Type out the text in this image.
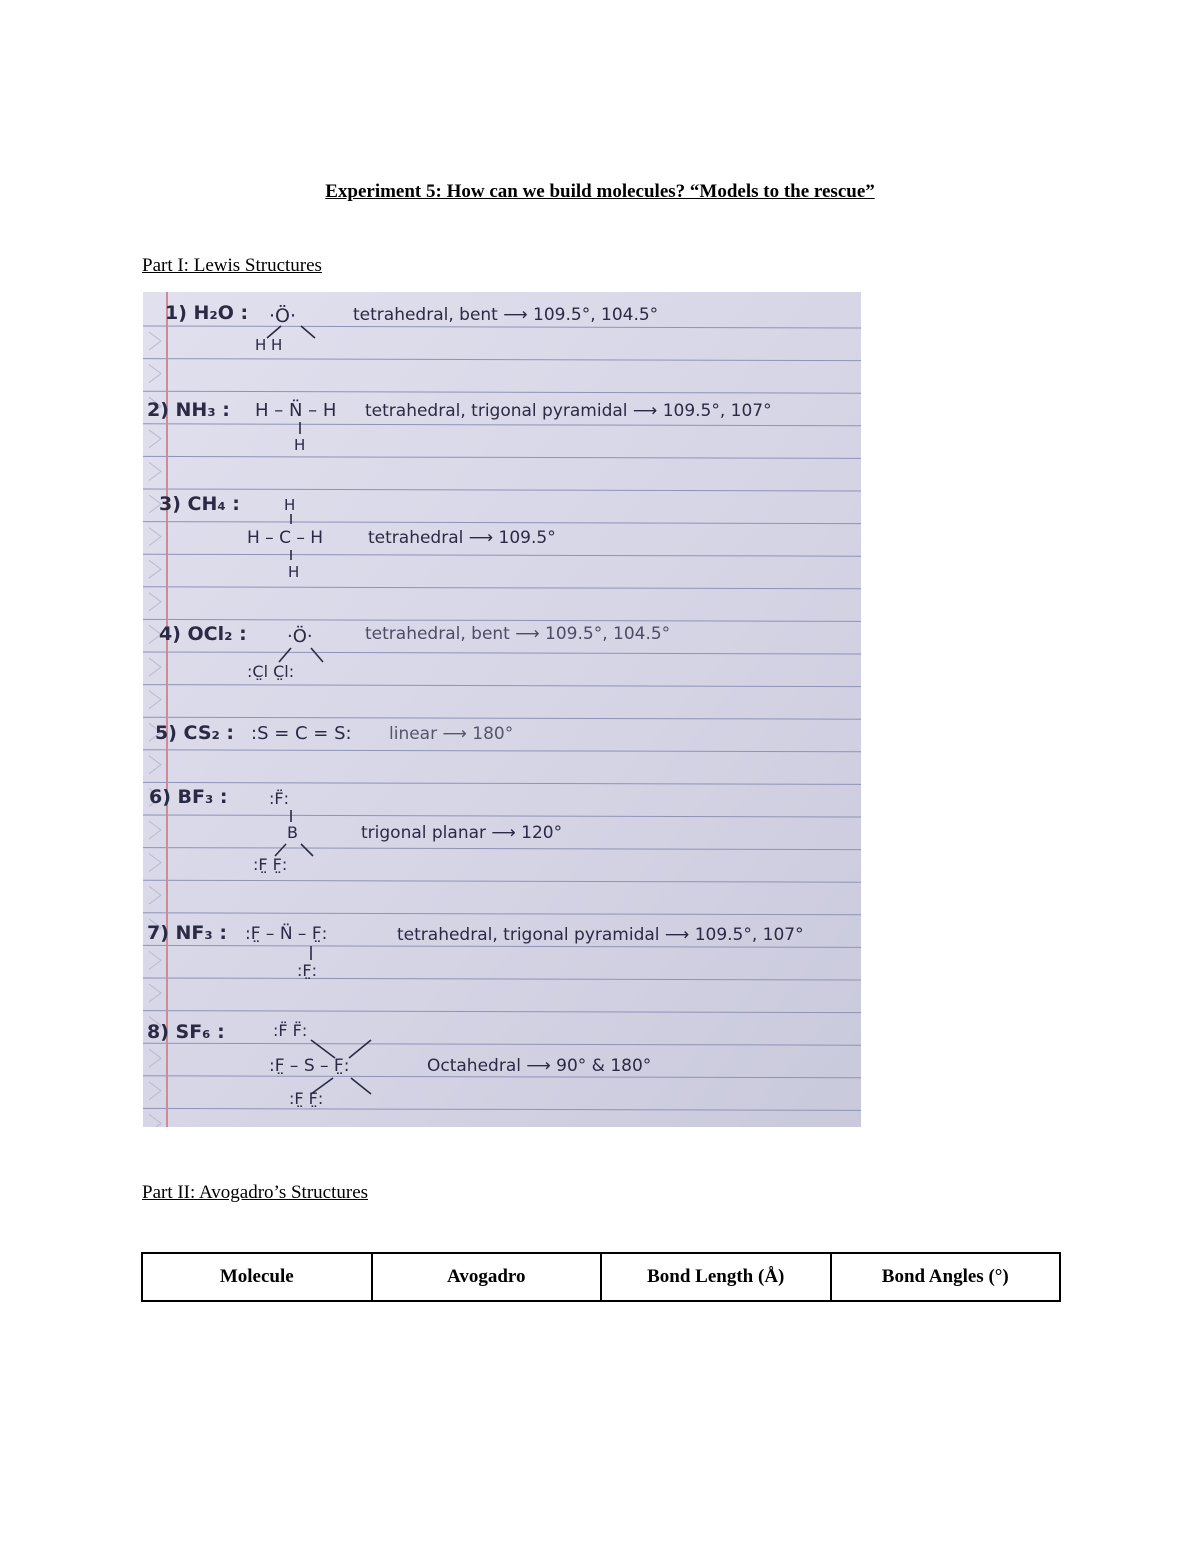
Experiment 5: How can we build molecules? “Models to the rescue”
Part I: Lewis Structures
1) H₂O : ·Ö·
H H
tetrahedral, bent ⟶ 109.5°, 104.5°
2) NH₃ : H – N̈ – H
H
tetrahedral, trigonal pyramidal ⟶ 109.5°, 107°
3) CH₄ :	H
H – C – H
H
tetrahedral ⟶ 109.5°
4) OCl₂ : ·Ö·
:C̤l C̤l:
tetrahedral, bent ⟶ 109.5°, 104.5°
5) CS₂ : :S = C = S: linear ⟶ 180°
6) BF₃ :	:F̈:
B
:F̤ F̤:
trigonal planar ⟶ 120°
7) NF₃ : :F̤ – N̈ – F̤:
:F̤:
tetrahedral, trigonal pyramidal ⟶ 109.5°, 107°
8) SF₆ :	:F̈ F̈:
:F̤ – S – F̤:
:F̤ F̤:
Octahedral ⟶ 90° & 180°
Part II: Avogadro’s Structures
Molecule	Avogadro	Bond Length (Å)	Bond Angles (°)
